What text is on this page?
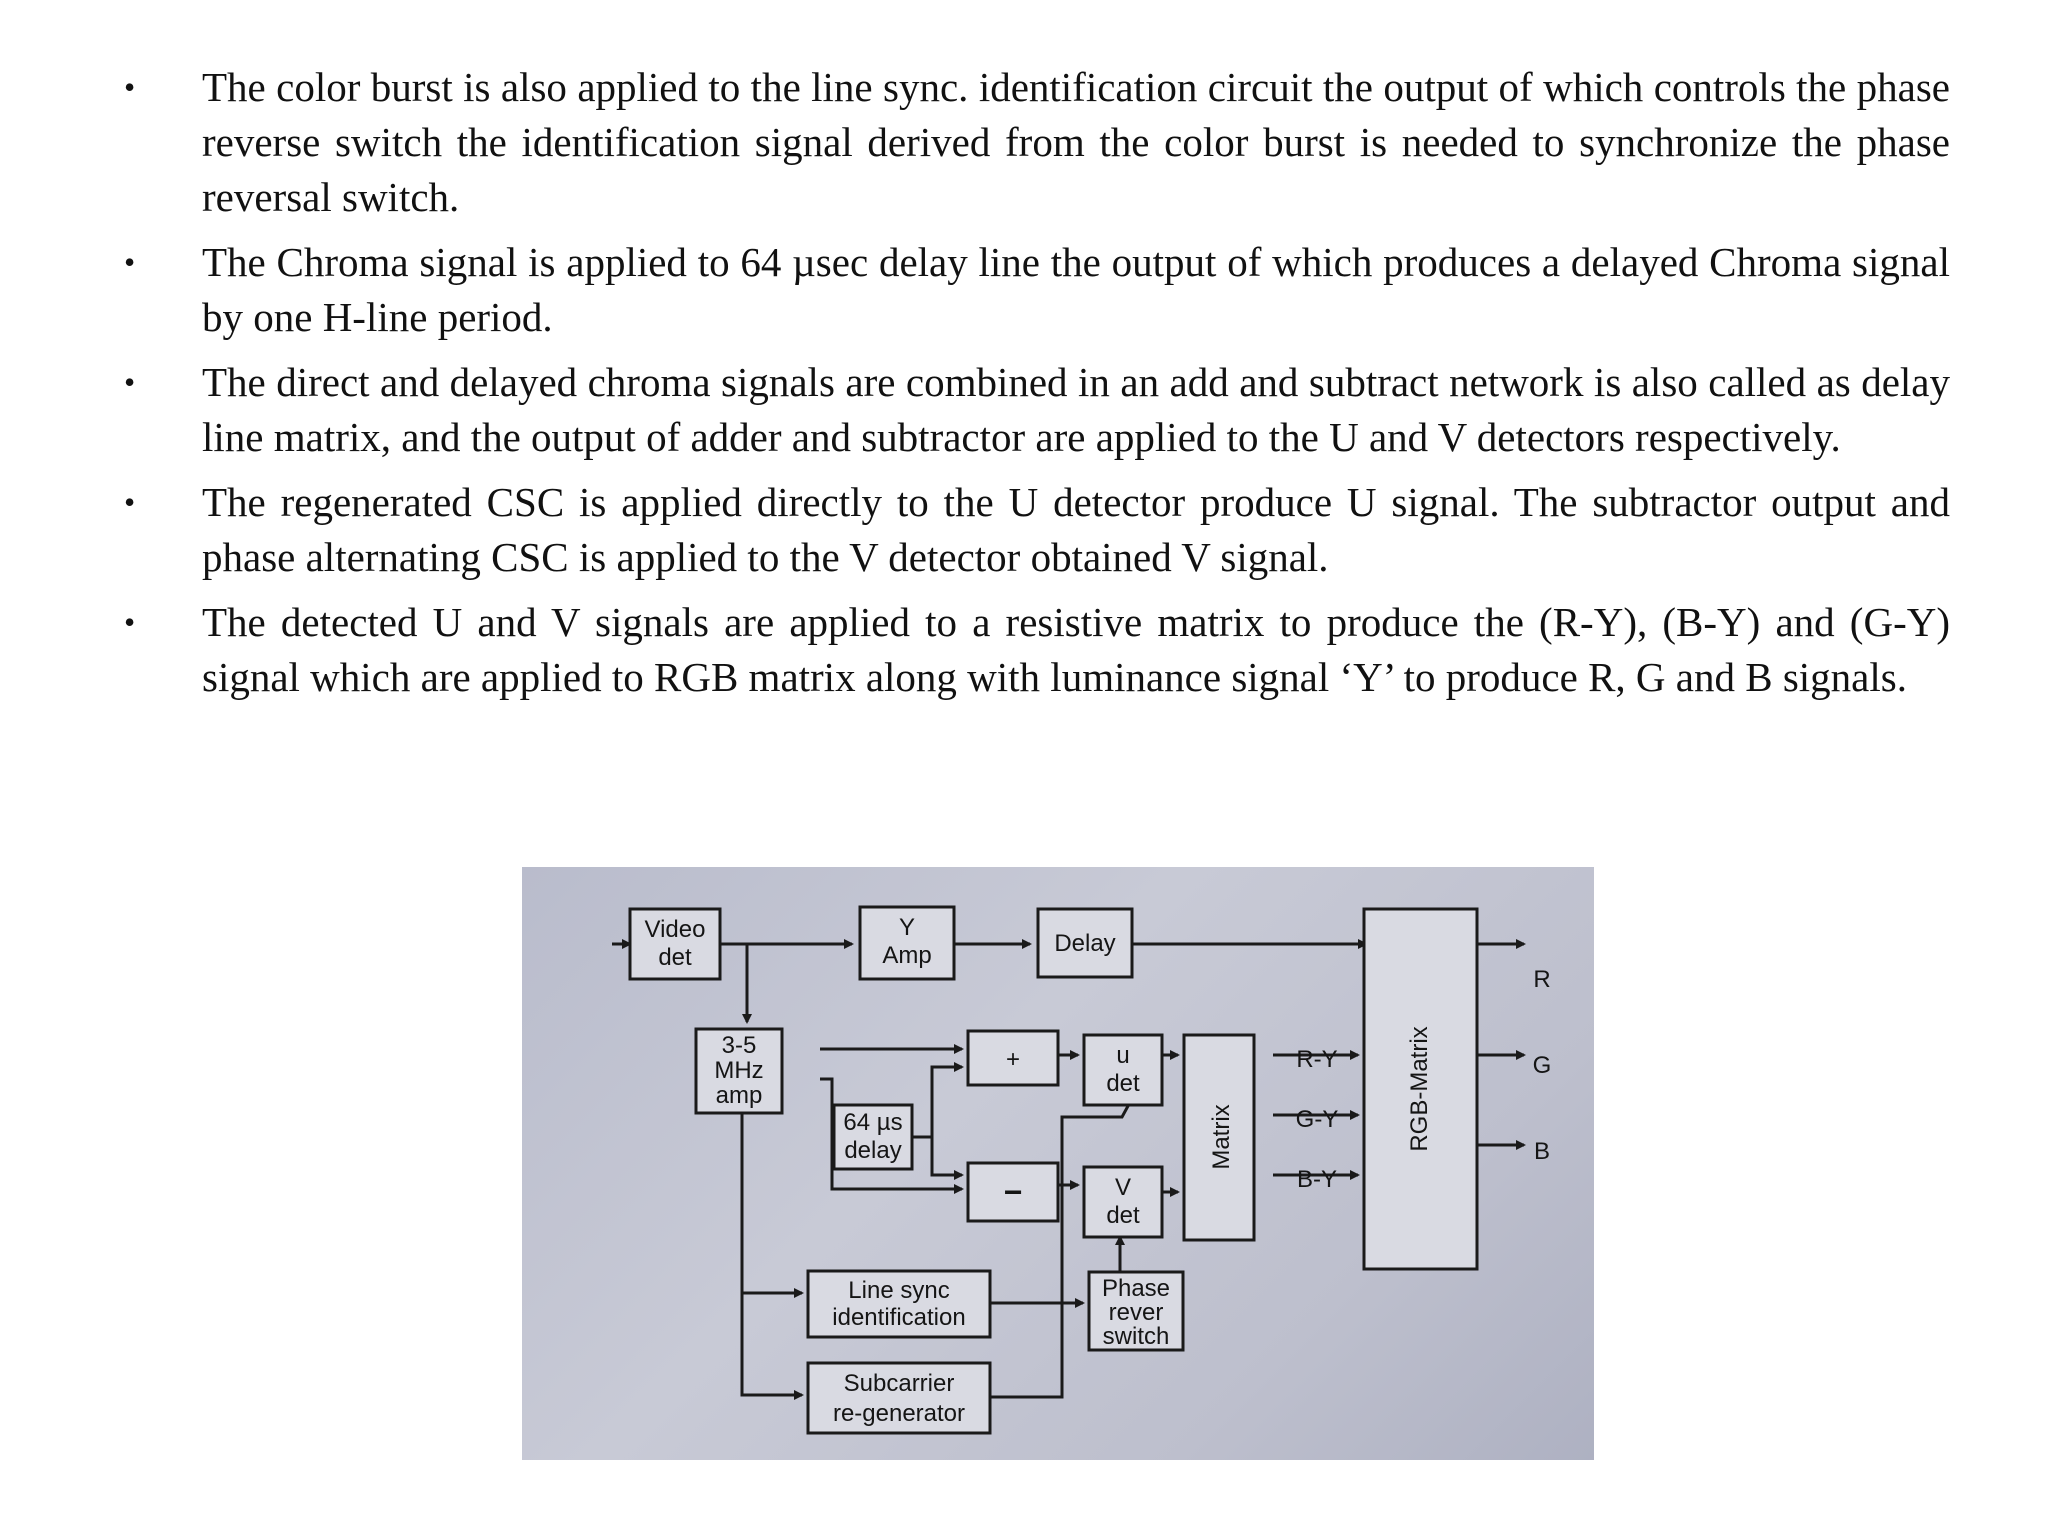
• The color burst is also applied to the line sync. identification circuit the output of which controls the phase reverse switch the identification signal derived from the color burst is needed to synchronize the phase reversal switch.
• The Chroma signal is applied to 64 µsec delay line the output of which produces a delayed Chroma signal by one H-line period.
• The direct and delayed chroma signals are combined in an add and subtract network is also called as delay line matrix, and the output of adder and subtractor are applied to the U and V detectors respectively.
• The regenerated CSC is applied directly to the U detector produce U signal. The subtractor output and phase alternating CSC is applied to the V detector obtained V signal.
• The detected U and V signals are applied to a resistive matrix to produce the (R-Y), (B-Y) and (G-Y) signal which are applied to RGB matrix along with luminance signal ‘Y’ to produce R, G and B signals.
Video
det
Y
Amp	Delay
3-5
MHz
amp
64 µs
delay
+
−
u
det
V
det
Matrix
R-Y
G-Y
B-Y
RGB-Matrix
R
G
B
Line sync
identification
Phase
rever
switch
Subcarrier
re-generator
